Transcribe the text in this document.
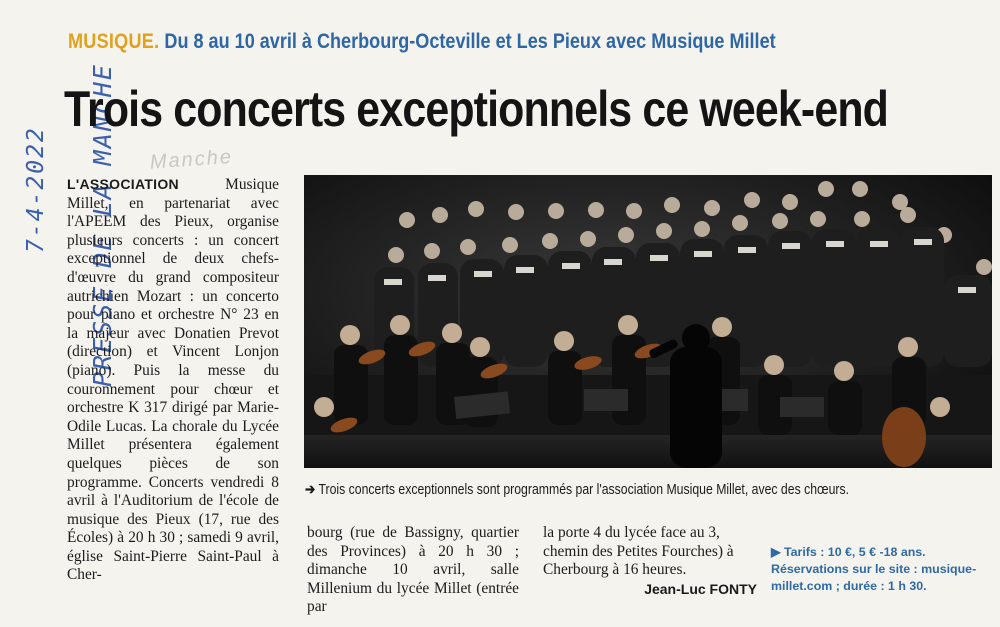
PRESSE DE LA MANCHE
7-4-2022	Manche
MUSIQUE. Du 8 au 10 avril à Cherbourg-Octeville et Les Pieux avec Musique Millet
Trois concerts exceptionnels ce week-end
L'ASSOCIATION Musique Millet, en partenariat avec l'APEEM des Pieux, organise plusieurs concerts : un concert exceptionnel de deux chefs-d'œuvre du grand compositeur autrichien Mozart : un concerto pour piano et orchestre N° 23 en la majeur avec Donatien Prevot (direction) et Vincent Lonjon (piano). Puis la messe du couronnement pour chœur et orchestre K 317 dirigé par Marie-Odile Lucas. La chorale du Lycée Millet présentera également quelques pièces de son programme. Concerts vendredi 8 avril à l'Auditorium de l'école de musique des Pieux (17, rue des Écoles) à 20 h 30 ; samedi 9 avril, église Saint-Pierre Saint-Paul à Cher-
➔ Trois concerts exceptionnels sont programmés par l'association Musique Millet, avec des chœurs.
bourg (rue de Bassigny, quartier des Provinces) à 20 h 30 ; dimanche 10 avril, salle Millenium du lycée Millet (entrée par
la porte 4 du lycée face au 3, chemin des Petites Fourches) à Cherbourg à 16 heures.
Jean-Luc FONTY
▶ Tarifs : 10 €, 5 € -18 ans. Réservations sur le site : musique-millet.com ; durée : 1 h 30.
